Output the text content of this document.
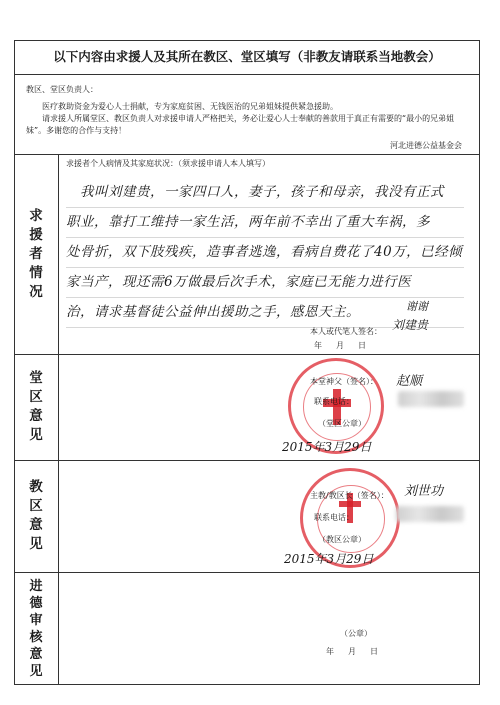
以下内容由求援人及其所在教区、堂区填写（非教友请联系当地教会）
教区、堂区负责人：
医疗救助资金为爱心人士捐献，专为家庭贫困、无钱医治的兄弟姐妹提供紧急援助。
请求援人所属堂区、教区负责人对求援申请人严格把关，务必让爱心人士奉献的善款用于真正有需要的“最小的兄弟姐妹”。多谢您的合作与支持！
河北进德公益基金会
求
援
者
情
况
求援者个人病情及其家庭状况：（须求援申请人本人填写）
我叫刘建贵，一家四口人，妻子，孩子和母亲，我没有正式
职业，靠打工维持一家生活，两年前不幸出了重大车祸，多
处骨折，双下肢残疾，造事者逃逸，看病自费花了40万，已经倾
家当产，现还需6万做最后次手术，家庭已无能力进行医
治，请求基督徒公益伸出援助之手，感恩天主。	谢谢
本人或代笔人签名： 刘建贵
年月日
堂
区
意
见
本堂神父（签名）： 赵顺
联系电话：
（堂区公章）
2015年3月29日
教
区
意
见
主教/教区长（签名）： 刘世功
联系电话：
（教区公章）
2015年3月29日
进
德
审
核
意
见
（公章）
年月日
